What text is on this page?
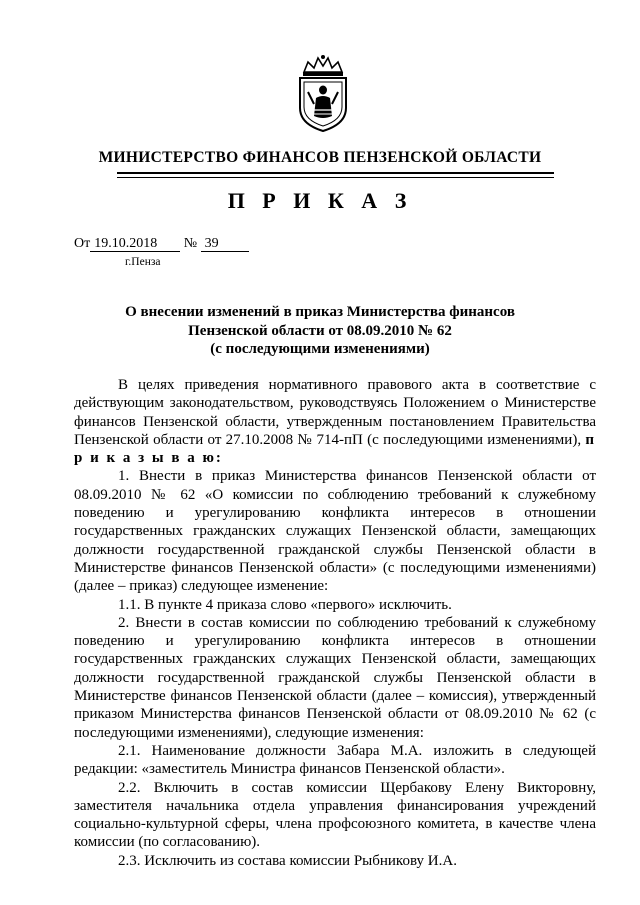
МИНИСТЕРСТВО ФИНАНСОВ ПЕНЗЕНСКОЙ ОБЛАСТИ
П Р И К А З
От 19.10.2018 № 39
г.Пенза
О внесении изменений в приказ Министерства финансов
Пензенской области от 08.09.2010 № 62
(с последующими изменениями)

В целях приведения нормативного правового акта в соответствие с действующим законодательством, руководствуясь Положением о Министерстве финансов Пензенской области, утвержденным постановлением Правительства Пензенской области от 27.10.2008 № 714-пП (с последующими изменениями), п р и к а з ы в а ю:

1. Внести в приказ Министерства финансов Пензенской области от 08.09.2010 № 62 «О комиссии по соблюдению требований к служебному поведению и урегулированию конфликта интересов в отношении государственных гражданских служащих Пензенской области, замещающих должности государственной гражданской службы Пензенской области в Министерстве финансов Пензенской области» (с последующими изменениями) (далее – приказ) следующее изменение:

1.1. В пункте 4 приказа слово «первого» исключить.

2. Внести в состав комиссии по соблюдению требований к служебному поведению и урегулированию конфликта интересов в отношении государственных гражданских служащих Пензенской области, замещающих должности государственной гражданской службы Пензенской области в Министерстве финансов Пензенской области (далее – комиссия), утвержденный приказом Министерства финансов Пензенской области от 08.09.2010 № 62 (с последующими изменениями), следующие изменения:

2.1. Наименование должности Забара М.А. изложить в следующей редакции: «заместитель Министра финансов Пензенской области».

2.2. Включить в состав комиссии Щербакову Елену Викторовну, заместителя начальника отдела управления финансирования учреждений социально-культурной сферы, члена профсоюзного комитета, в качестве члена комиссии (по согласованию).

2.3. Исключить из состава комиссии Рыбникову И.А.
